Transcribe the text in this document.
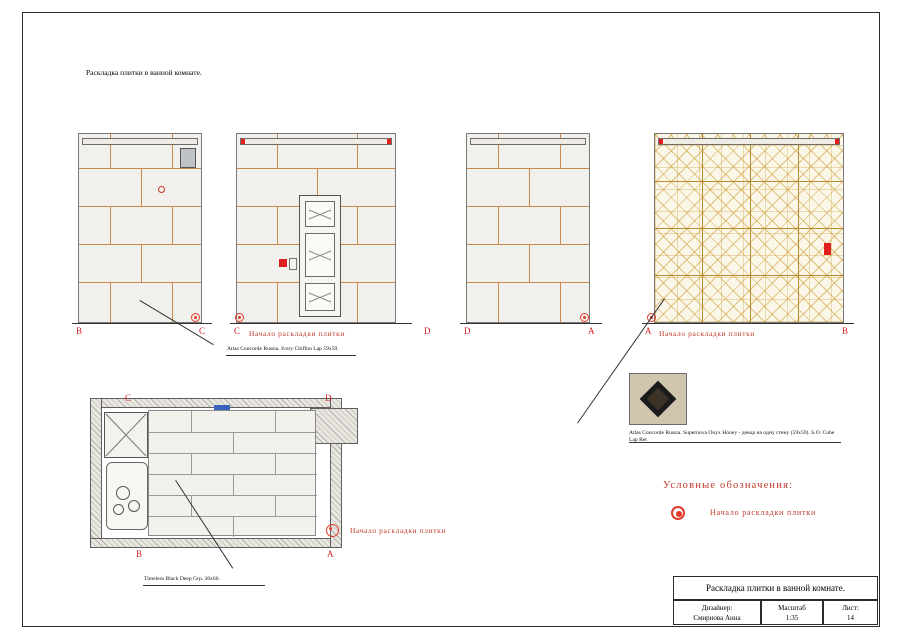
Раскладка плитки в ванной комнате.
B	C
Atlas Concorde Russia. Ivory Chiffon Lap 59x59.
C	D
Начало раскладки плитки	D	A	A	B
Начало раскладки плитки
Atlas Concorde Russia. Supernova Onyx Honey - декор на одну стену (59х59). S.O. Cube Lap Ret
Начало раскладки плитки
C	D
B	A
Timeless Black Deep Grp. 30x60.
Условные обозначения:
Начало раскладки плитки
Раскладка плитки в ванной комнате.
Дизайнер:
Смирнова Анна
Масштаб
1:35
Лист:
14
